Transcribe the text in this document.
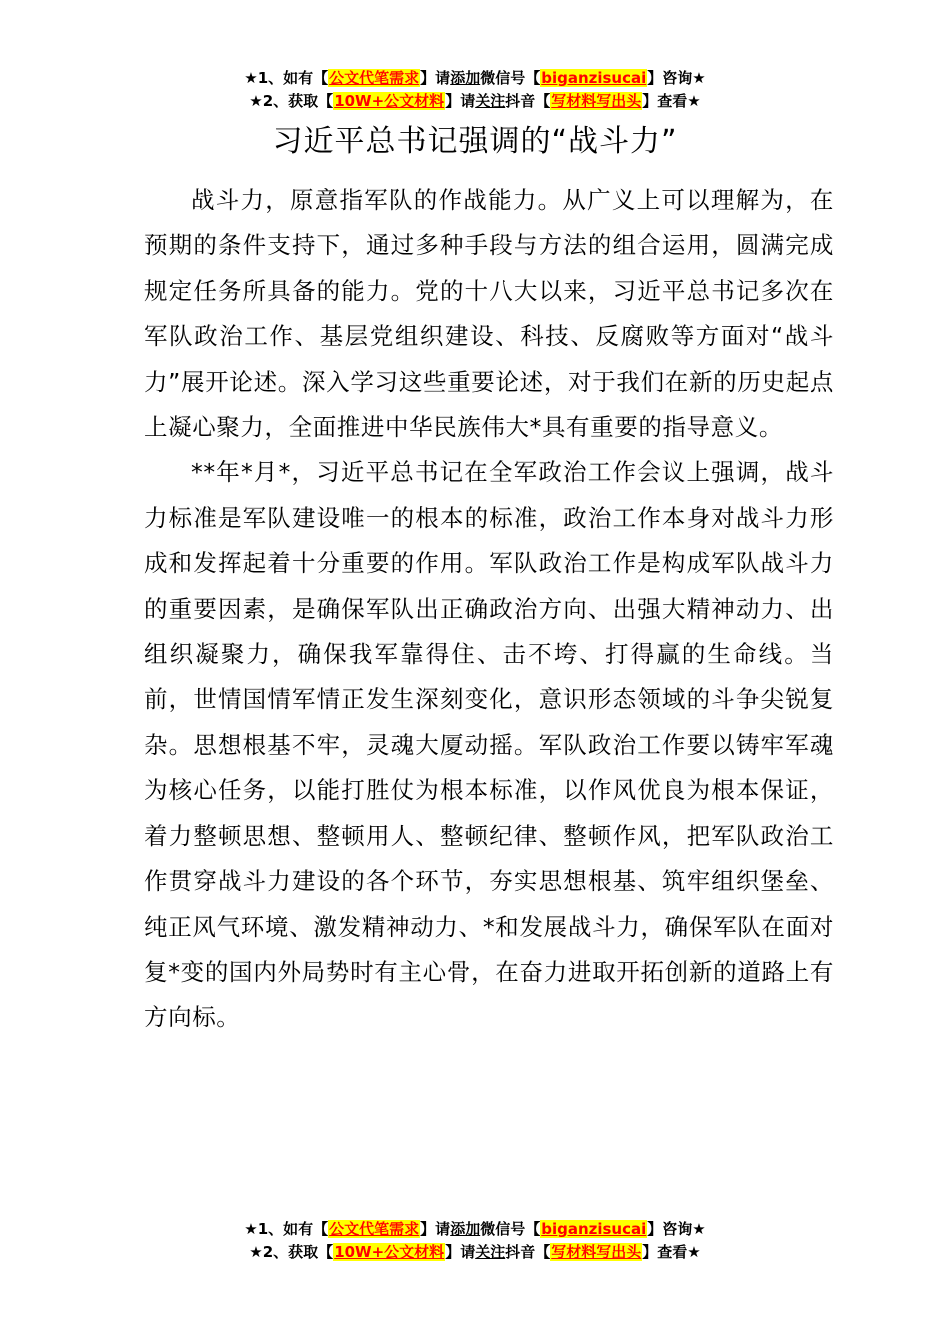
★1、如有【公文代笔需求】请添加微信号【biganzisucai】咨询★
★2、获取【10W+公文材料】请关注抖音【写材料写出头】查看★
习近平总书记强调的“战斗力”

战斗力，原意指军队的作战能力。从广义上可以理解为，在预期的条件支持下，通过多种手段与方法的组合运用，圆满完成规定任务所具备的能力。党的十八大以来，习近平总书记多次在军队政治工作、基层党组织建设、科技、反腐败等方面对“战斗力”展开论述。深入学习这些重要论述，对于我们在新的历史起点上凝心聚力，全面推进中华民族伟大*具有重要的指导意义。

**年*月*，习近平总书记在全军政治工作会议上强调，战斗力标准是军队建设唯一的根本的标准，政治工作本身对战斗力形成和发挥起着十分重要的作用。军队政治工作是构成军队战斗力的重要因素，是确保军队出正确政治方向、出强大精神动力、出组织凝聚力，确保我军靠得住、击不垮、打得赢的生命线。当前，世情国情军情正发生深刻变化，意识形态领域的斗争尖锐复杂。思想根基不牢，灵魂大厦动摇。军队政治工作要以铸牢军魂为核心任务，以能打胜仗为根本标准，以作风优良为根本保证，着力整顿思想、整顿用人、整顿纪律、整顿作风，把军队政治工作贯穿战斗力建设的各个环节，夯实思想根基、筑牢组织堡垒、纯正风气环境、激发精神动力、*和发展战斗力，确保军队在面对复*变的国内外局势时有主心骨，在奋力进取开拓创新的道路上有方向标。

★1、如有【公文代笔需求】请添加微信号【biganzisucai】咨询★
★2、获取【10W+公文材料】请关注抖音【写材料写出头】查看★
